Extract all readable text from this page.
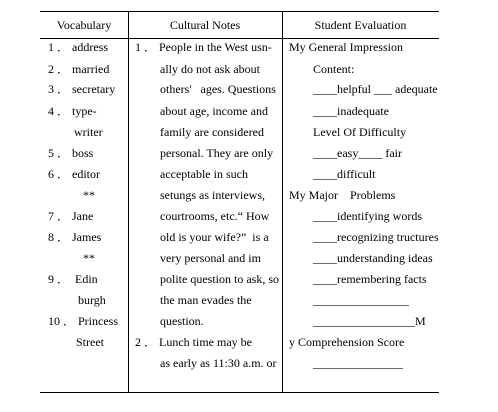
Vocabulary	Cultural Notes	Student Evaluation
1 ． address
2 ． married
3 ． secretary
4 ． type-
writer
5 ． boss
6 ． editor
**
7 ． Jane
8 ． James
**
9 ．  Edin
burgh
10 ． Princess
Street
1 ． People in the West usn-
ally do not ask about
others'   ages. Questions
about age, income and
family are considered
personal. They are only
acceptable in such
setungs as interviews,
courtrooms, etc.“ How
old is your wife?”  is a
very personal and im
polite question to ask, so
the man evades the
question.
2 ． Lunch time may be
as early as 11:30 a.m. or
My General Impression
Content:
____helpful ___ adequate
____inadequate
Level Of Difficulty
____easy____ fair
____difficult
My Major    Problems
____identifying words
____recognizing tructures
____understanding ideas
____remembering facts
________________
_________________M
y Comprehension Score
_______________
